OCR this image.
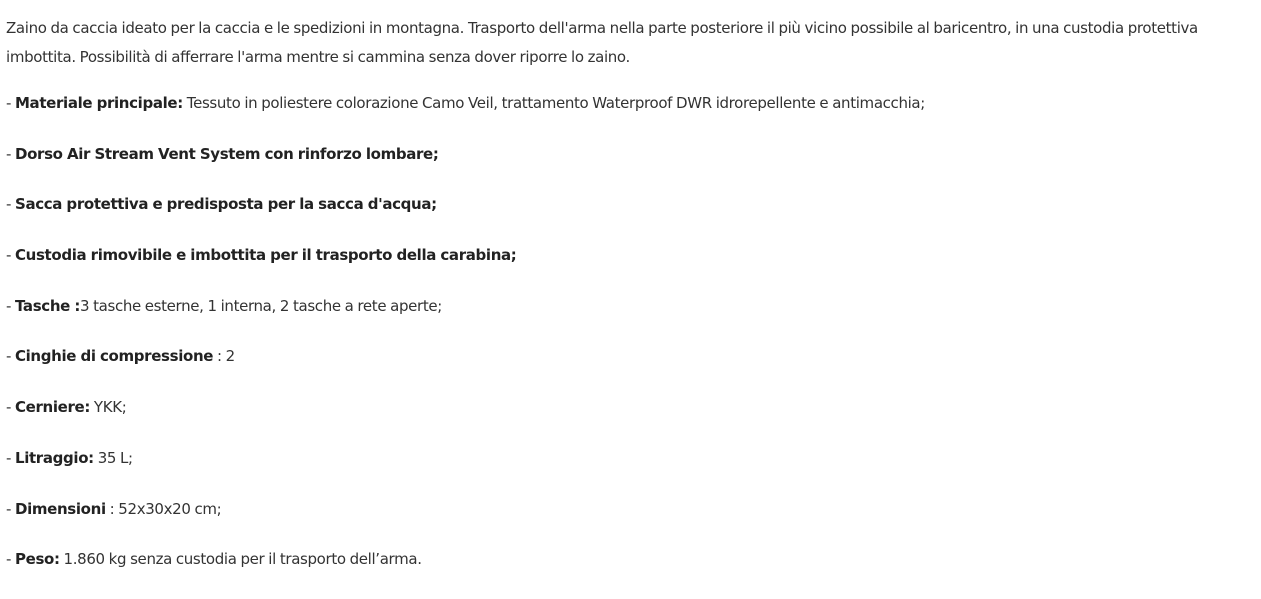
Zaino da caccia ideato per la caccia e le spedizioni in montagna. Trasporto dell'arma nella parte posteriore il più vicino possibile al baricentro, in una custodia protettiva imbottita. Possibilità di afferrare l'arma mentre si cammina senza dover riporre lo zaino.

- Materiale principale: Tessuto in poliestere colorazione Camo Veil, trattamento Waterproof DWR idrorepellente e antimacchia;
- Dorso Air Stream Vent System con rinforzo lombare;
- Sacca protettiva e predisposta per la sacca d'acqua;
- Custodia rimovibile e imbottita per il trasporto della carabina;
- Tasche :3 tasche esterne, 1 interna, 2 tasche a rete aperte;
- Cinghie di compressione : 2
- Cerniere: YKK;
- Litraggio: 35 L;
- Dimensioni : 52x30x20 cm;
- Peso: 1.860 kg senza custodia per il trasporto dell’arma.
